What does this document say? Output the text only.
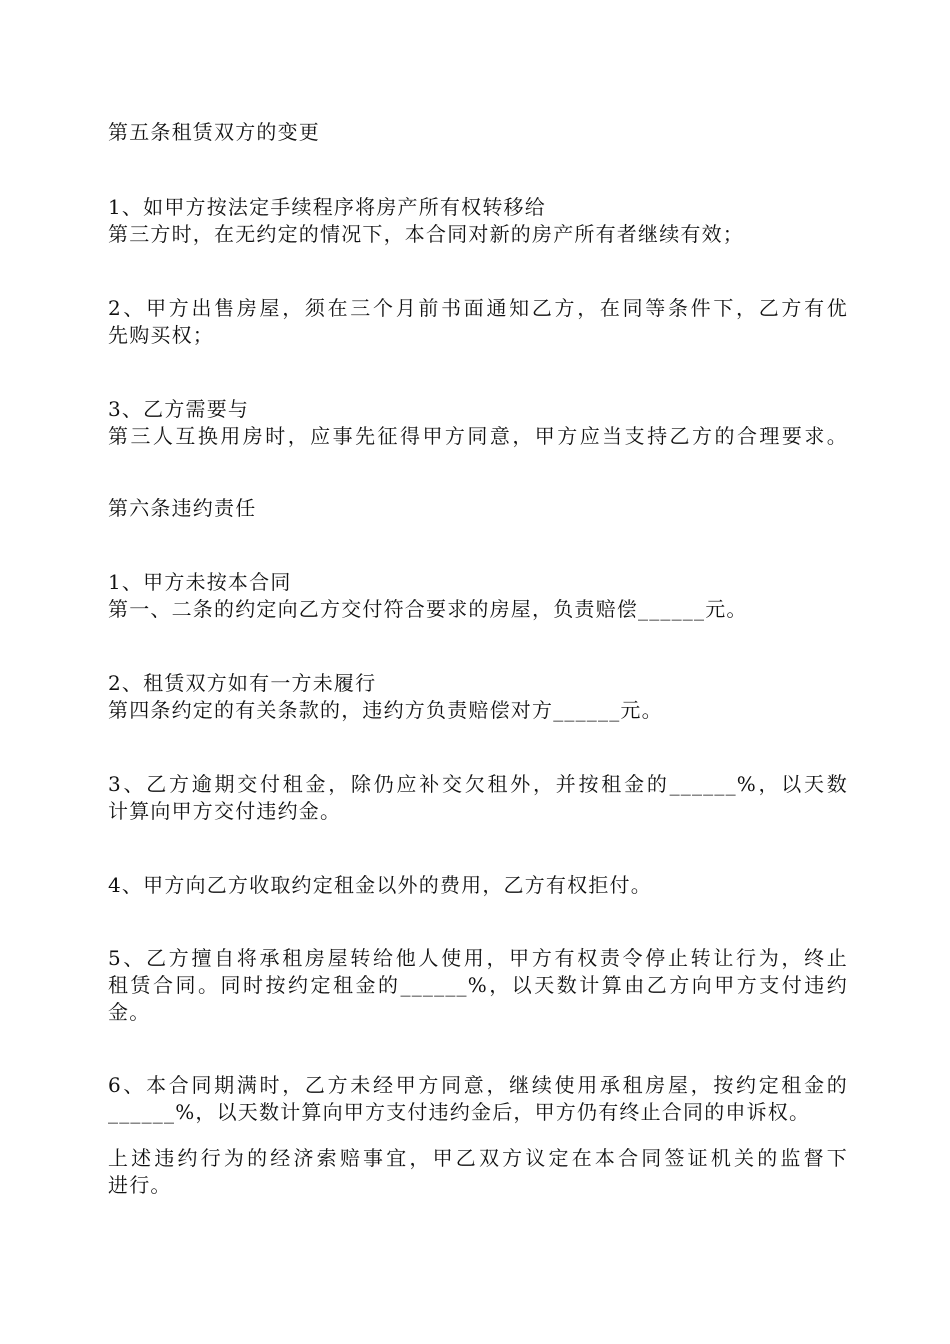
第五条租赁双方的变更

1、如甲方按法定手续程序将房产所有权转移给

第三方时，在无约定的情况下，本合同对新的房产所有者继续有效；

2、甲方出售房屋，须在三个月前书面通知乙方，在同等条件下，乙方有优

先购买权；

3、乙方需要与

第三人互换用房时，应事先征得甲方同意，甲方应当支持乙方的合理要求。

第六条违约责任

1、甲方未按本合同

第一、二条的约定向乙方交付符合要求的房屋，负责赔偿______元。

2、租赁双方如有一方未履行

第四条约定的有关条款的，违约方负责赔偿对方______元。

3、乙方逾期交付租金，除仍应补交欠租外，并按租金的______%，以天数

计算向甲方交付违约金。

4、甲方向乙方收取约定租金以外的费用，乙方有权拒付。

5、乙方擅自将承租房屋转给他人使用，甲方有权责令停止转让行为，终止

租赁合同。同时按约定租金的______%，以天数计算由乙方向甲方支付违约

金。

6、本合同期满时，乙方未经甲方同意，继续使用承租房屋，按约定租金的

______%，以天数计算向甲方支付违约金后，甲方仍有终止合同的申诉权。

上述违约行为的经济索赔事宜，甲乙双方议定在本合同签证机关的监督下

进行。
